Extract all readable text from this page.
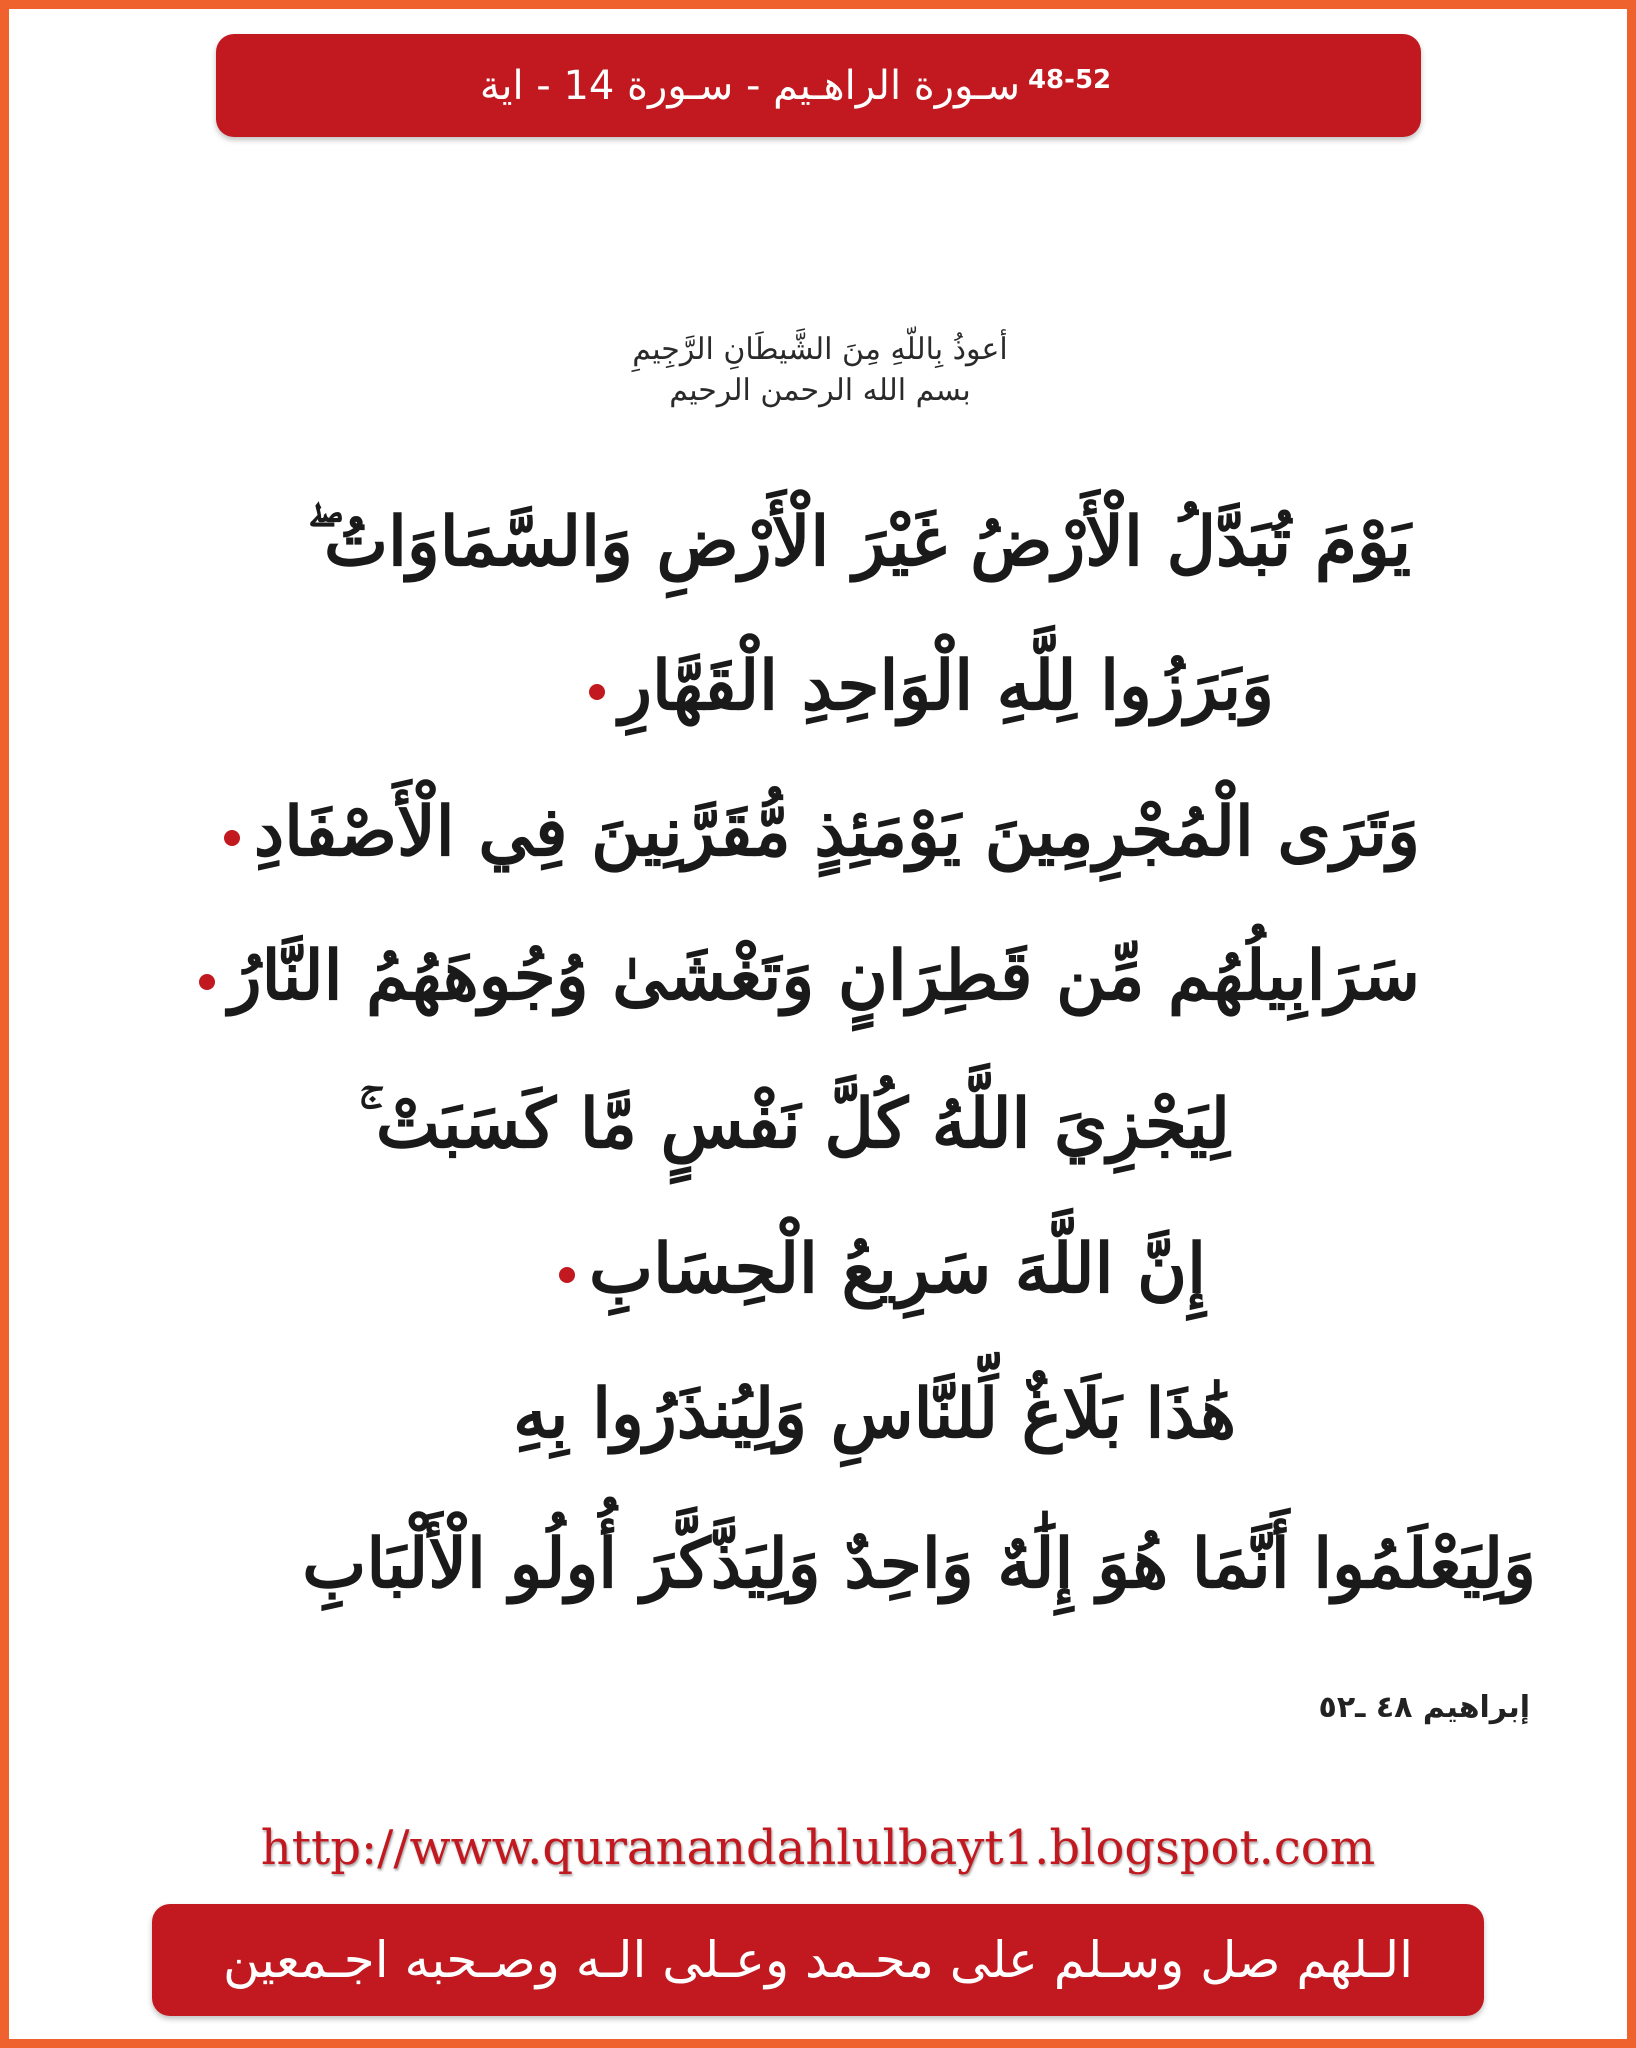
سـورة الراهـيم - سـورة 14 - اية 48-52
أعوذُ بِاللّهِ مِنَ الشَّيطَانِ الرَّجِيمِ
بسم الله الرحمن الرحيم
يَوْمَ تُبَدَّلُ الْأَرْضُ غَيْرَ الْأَرْضِ وَالسَّمَاوَاتُ ۖ
وَبَرَزُوا لِلَّهِ الْوَاحِدِ الْقَهَّارِ
وَتَرَى الْمُجْرِمِينَ يَوْمَئِذٍ مُّقَرَّنِينَ فِي الْأَصْفَادِ
سَرَابِيلُهُم مِّن قَطِرَانٍ وَتَغْشَىٰ وُجُوهَهُمُ النَّارُ
لِيَجْزِيَ اللَّهُ كُلَّ نَفْسٍ مَّا كَسَبَتْ ۚ
إِنَّ اللَّهَ سَرِيعُ الْحِسَابِ
هَٰذَا بَلَاغٌ لِّلنَّاسِ وَلِيُنذَرُوا بِهِ
وَلِيَعْلَمُوا أَنَّمَا هُوَ إِلَٰهٌ وَاحِدٌ وَلِيَذَّكَّرَ أُولُو الْأَلْبَابِ
إبراهيم ٤٨ ـ٥٢
http://www.quranandahlulbayt1.blogspot.com
الـلهم صل وسـلم على محـمد وعـلى الـه وصـحبه اجـمعين
